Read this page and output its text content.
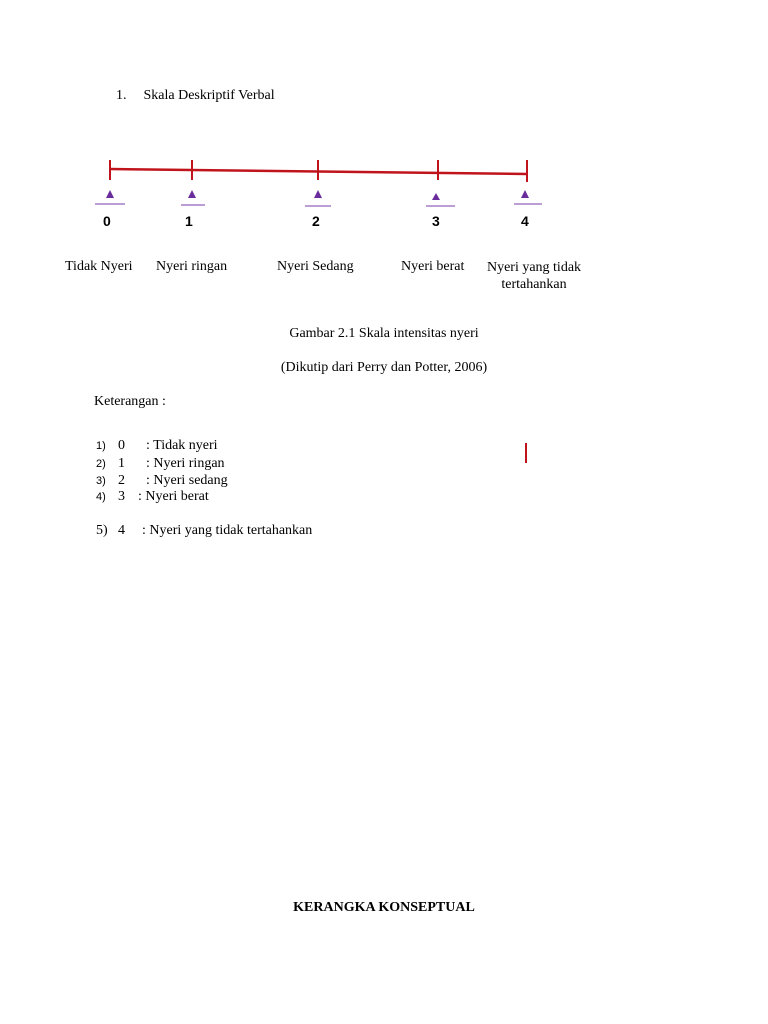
1. Skala Deskriptif Verbal
0	1	2	3	4
Tidak Nyeri Nyeri ringan	Nyeri Sedang	Nyeri berat	Nyeri yang tidak
tertahankan
Gambar 2.1 Skala intensitas nyeri
(Dikutip dari Perry dan Potter, 2006)
Keterangan :
1) 0 : Tidak nyeri
2) 1 : Nyeri ringan
3) 2 : Nyeri sedang
4) 3 : Nyeri berat
5) 4 : Nyeri yang tidak tertahankan
KERANGKA KONSEPTUAL
